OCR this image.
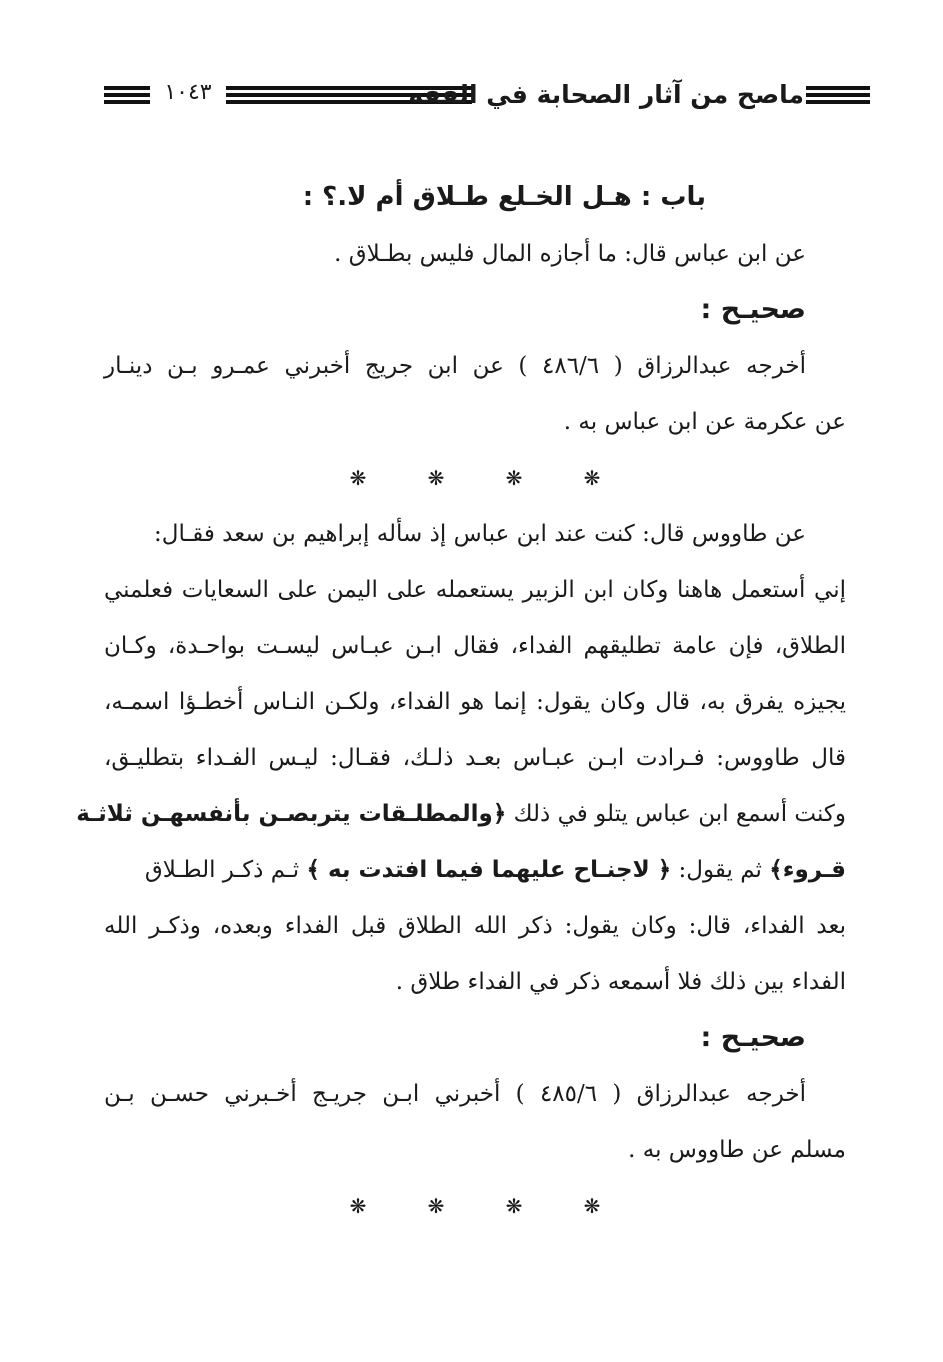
ماصح من آثار الصحابة في الفقه
١٠٤٣
باب : هـل الخـلع طـلاق أم لا.؟ :
عن ابن عباس قال: ما أجازه المال فليس بطـلاق .
صحيـح :
أخرجه عبدالرزاق ( ٤٨٦/٦ ) عن ابن جريج أخبرني عمـرو بـن دينـار
عن عكرمة عن ابن عباس به .
❋	❋	❋	❋
عن طاووس قال: كنت عند ابن عباس إذ سأله إبراهيم بن سعد فقـال:
إني أستعمل هاهنا وكان ابن الزبير يستعمله على اليمن على السعايات فعلمني
الطلاق، فإن عامة تطليقهم الفداء، فقال ابـن عبـاس ليسـت بواحـدة، وكـان
يجيزه يفرق به، قال وكان يقول: إنما هو الفداء، ولكـن النـاس أخطـؤا اسمـه،
قال طاووس: فـرادت ابـن عبـاس بعـد ذلـك، فقـال: ليـس الفـداء بتطليـق،
وكنت أسمع ابن عباس يتلو في ذلك ﴿والمطلـقات يتربصـن بأنفسهـن ثلاثـة
قـروء﴾ ثم يقول: ﴿ لاجنـاح عليهما فيما افتدت به ﴾ ثـم ذكـر الطـلاق
بعد الفداء، قال: وكان يقول: ذكر الله الطلاق قبل الفداء وبعده، وذكـر الله
الفداء بين ذلك فلا أسمعه ذكر في الفداء طلاق .
صحيـح :
أخرجه عبدالرزاق ( ٤٨٥/٦ ) أخبرني ابـن جريـج أخـبرني حسـن بـن
مسلم عن طاووس به .
❋	❋	❋	❋
